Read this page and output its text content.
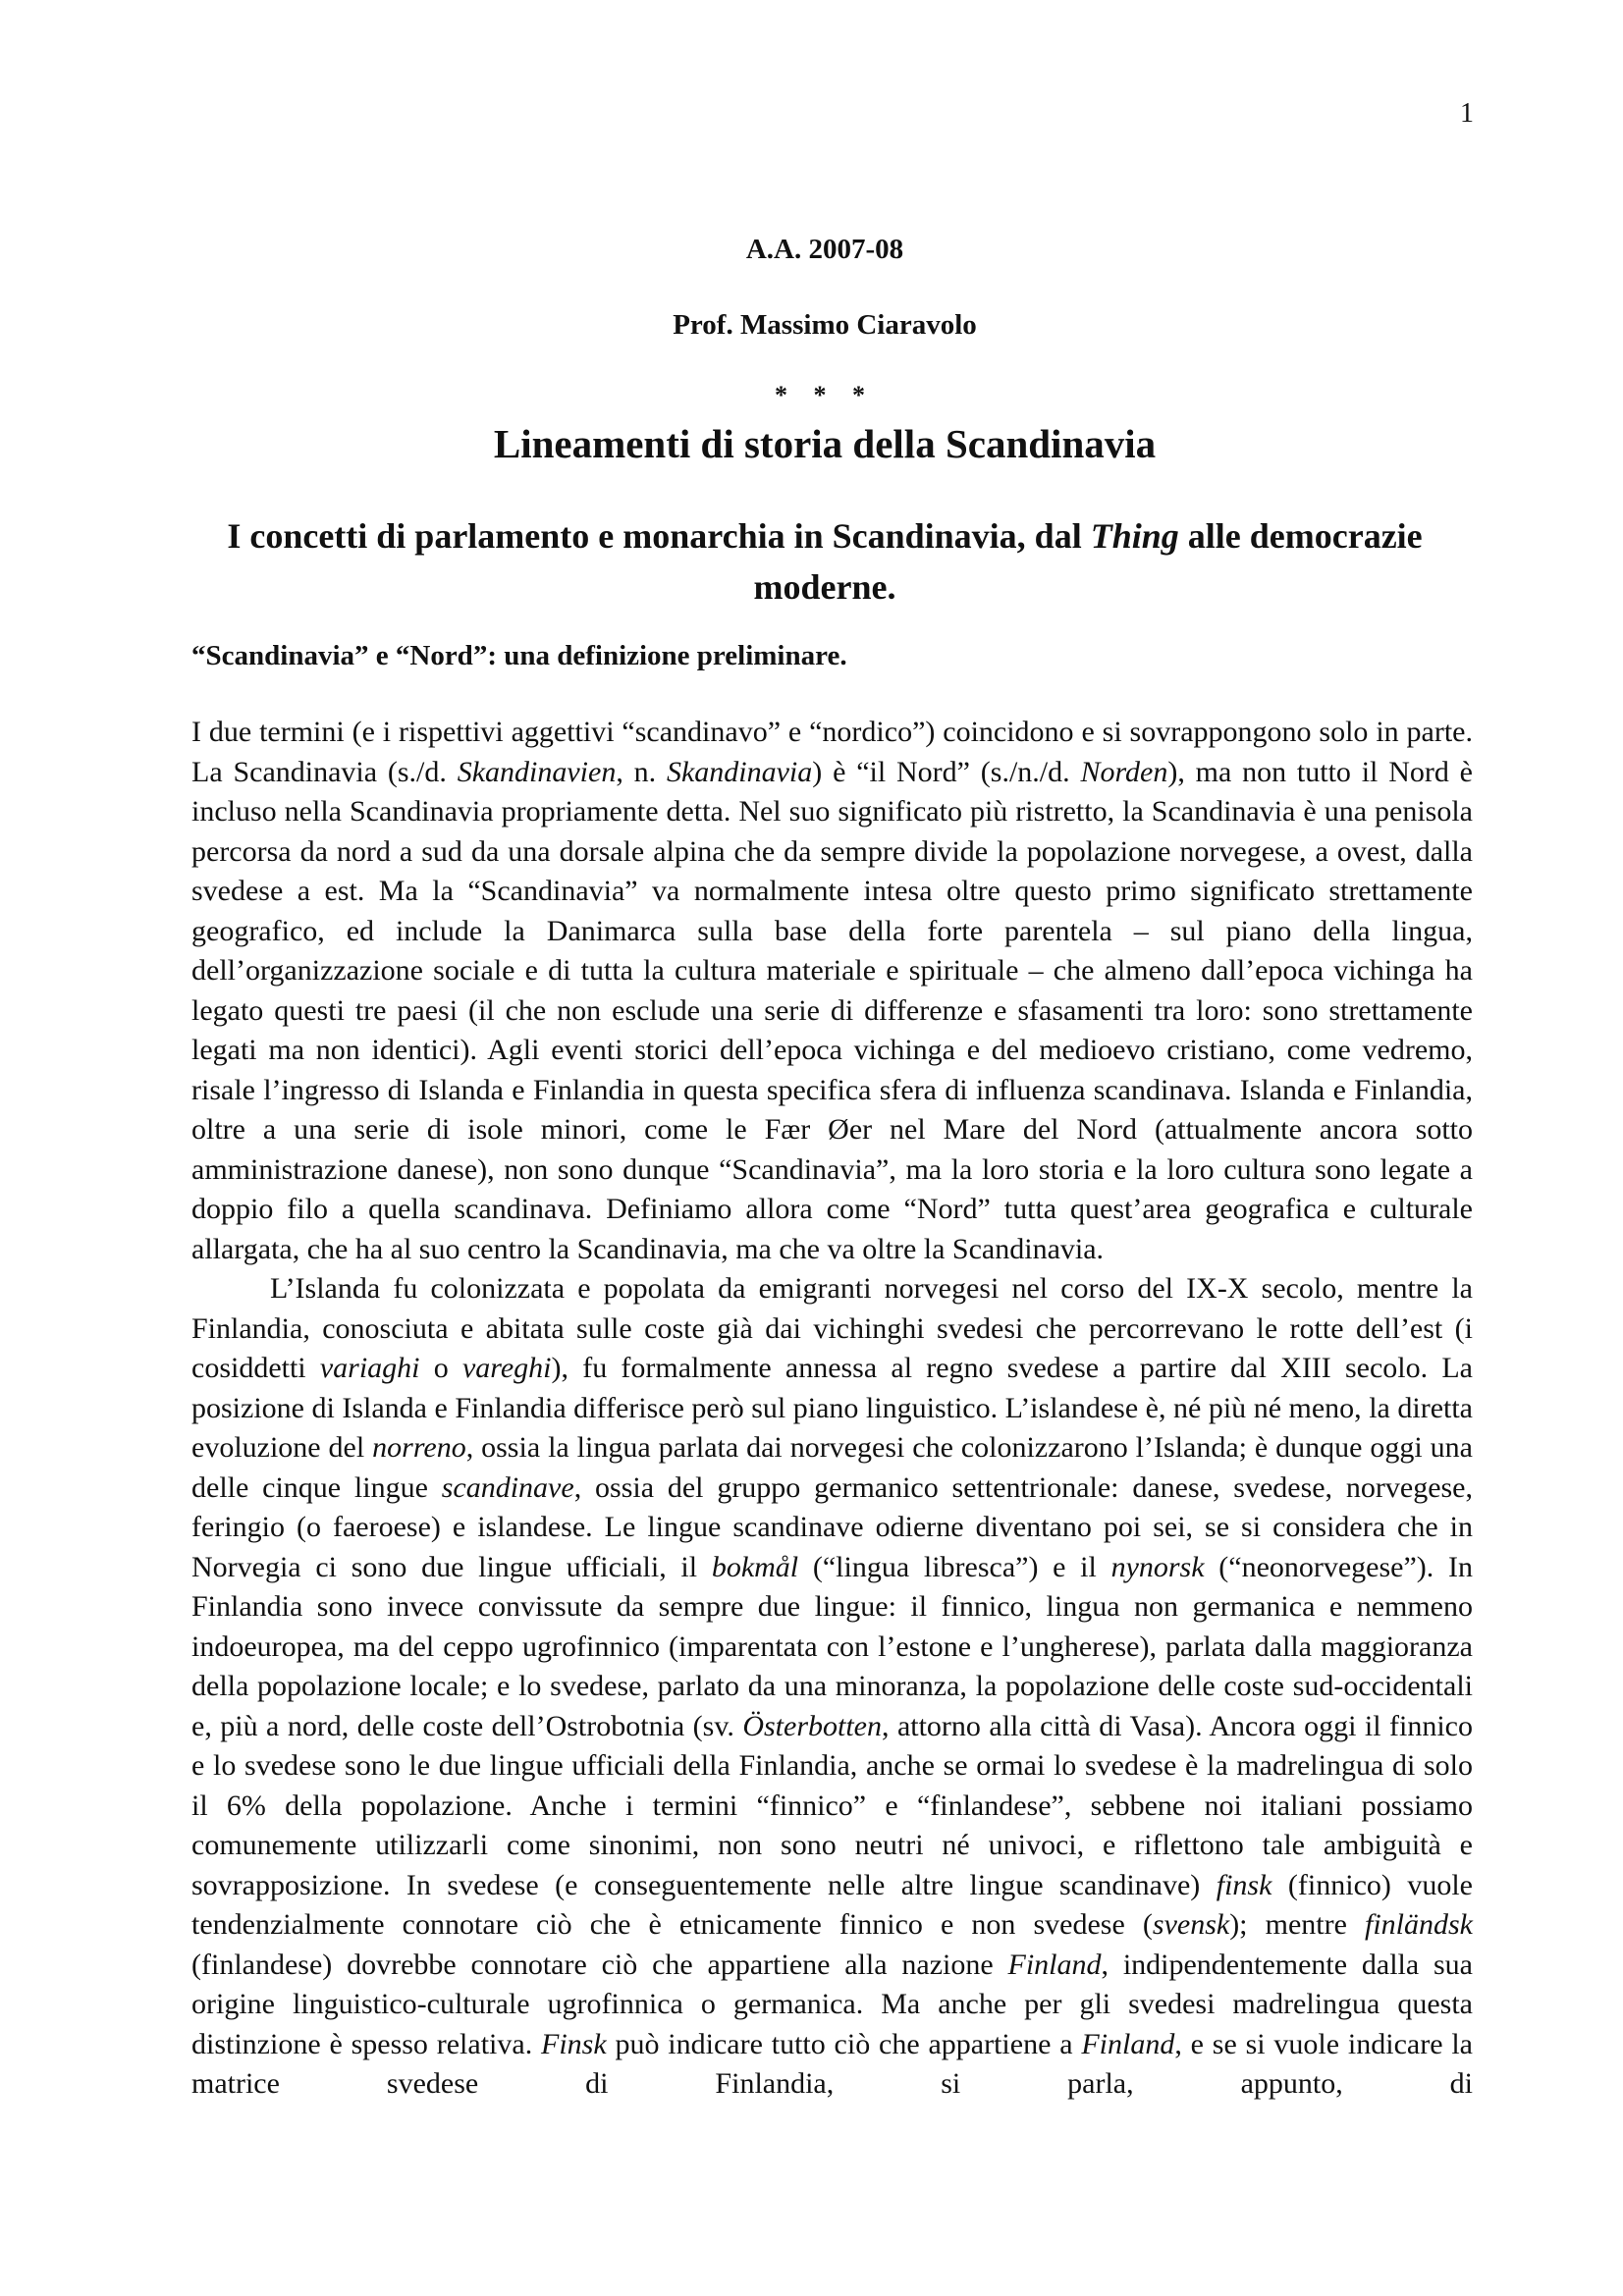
1
A.A. 2007-08
Prof. Massimo Ciaravolo
* * *
Lineamenti di storia della Scandinavia
I concetti di parlamento e monarchia in Scandinavia, dal Thing alle democrazie moderne.
“Scandinavia” e “Nord”: una definizione preliminare.

I due termini (e i rispettivi aggettivi “scandinavo” e “nordico”) coincidono e si sovrappongono solo in parte. La Scandinavia (s./d. Skandinavien, n. Skandinavia) è “il Nord” (s./n./d. Norden), ma non tutto il Nord è incluso nella Scandinavia propriamente detta. Nel suo significato più ristretto, la Scandinavia è una penisola percorsa da nord a sud da una dorsale alpina che da sempre divide la popolazione norvegese, a ovest, dalla svedese a est. Ma la “Scandinavia” va normalmente intesa oltre questo primo significato strettamente geografico, ed include la Danimarca sulla base della forte parentela – sul piano della lingua, dell’organizzazione sociale e di tutta la cultura materiale e spirituale – che almeno dall’epoca vichinga ha legato questi tre paesi (il che non esclude una serie di differenze e sfasamenti tra loro: sono strettamente legati ma non identici). Agli eventi storici dell’epoca vichinga e del medioevo cristiano, come vedremo, risale l’ingresso di Islanda e Finlandia in questa specifica sfera di influenza scandinava. Islanda e Finlandia, oltre a una serie di isole minori, come le Fær Øer nel Mare del Nord (attualmente ancora sotto amministrazione danese), non sono dunque “Scandinavia”, ma la loro storia e la loro cultura sono legate a doppio filo a quella scandinava. Definiamo allora come “Nord” tutta quest’area geografica e culturale allargata, che ha al suo centro la Scandinavia, ma che va oltre la Scandinavia.

L’Islanda fu colonizzata e popolata da emigranti norvegesi nel corso del IX-X secolo, mentre la Finlandia, conosciuta e abitata sulle coste già dai vichinghi svedesi che percorrevano le rotte dell’est (i cosiddetti variaghi o vareghi), fu formalmente annessa al regno svedese a partire dal XIII secolo. La posizione di Islanda e Finlandia differisce però sul piano linguistico. L’islandese è, né più né meno, la diretta evoluzione del norreno, ossia la lingua parlata dai norvegesi che colonizzarono l’Islanda; è dunque oggi una delle cinque lingue scandinave, ossia del gruppo germanico settentrionale: danese, svedese, norvegese, feringio (o faeroese) e islandese. Le lingue scandinave odierne diventano poi sei, se si considera che in Norvegia ci sono due lingue ufficiali, il bokmål (“lingua libresca”) e il nynorsk (“neonorvegese”). In Finlandia sono invece convissute da sempre due lingue: il finnico, lingua non germanica e nemmeno indoeuropea, ma del ceppo ugrofinnico (imparentata con l’estone e l’ungherese), parlata dalla maggioranza della popolazione locale; e lo svedese, parlato da una minoranza, la popolazione delle coste sud-occidentali e, più a nord, delle coste dell’Ostrobotnia (sv. Österbotten, attorno alla città di Vasa). Ancora oggi il finnico e lo svedese sono le due lingue ufficiali della Finlandia, anche se ormai lo svedese è la madrelingua di solo il 6% della popolazione. Anche i termini “finnico” e “finlandese”, sebbene noi italiani possiamo comunemente utilizzarli come sinonimi, non sono neutri né univoci, e riflettono tale ambiguità e sovrapposizione. In svedese (e conseguentemente nelle altre lingue scandinave) finsk (finnico) vuole tendenzialmente connotare ciò che è etnicamente finnico e non svedese (svensk); mentre finländsk (finlandese) dovrebbe connotare ciò che appartiene alla nazione Finland, indipendentemente dalla sua origine linguistico-culturale ugrofinnica o germanica. Ma anche per gli svedesi madrelingua questa distinzione è spesso relativa. Finsk può indicare tutto ciò che appartiene a Finland, e se si vuole indicare la matrice svedese di Finlandia, si parla, appunto, di
